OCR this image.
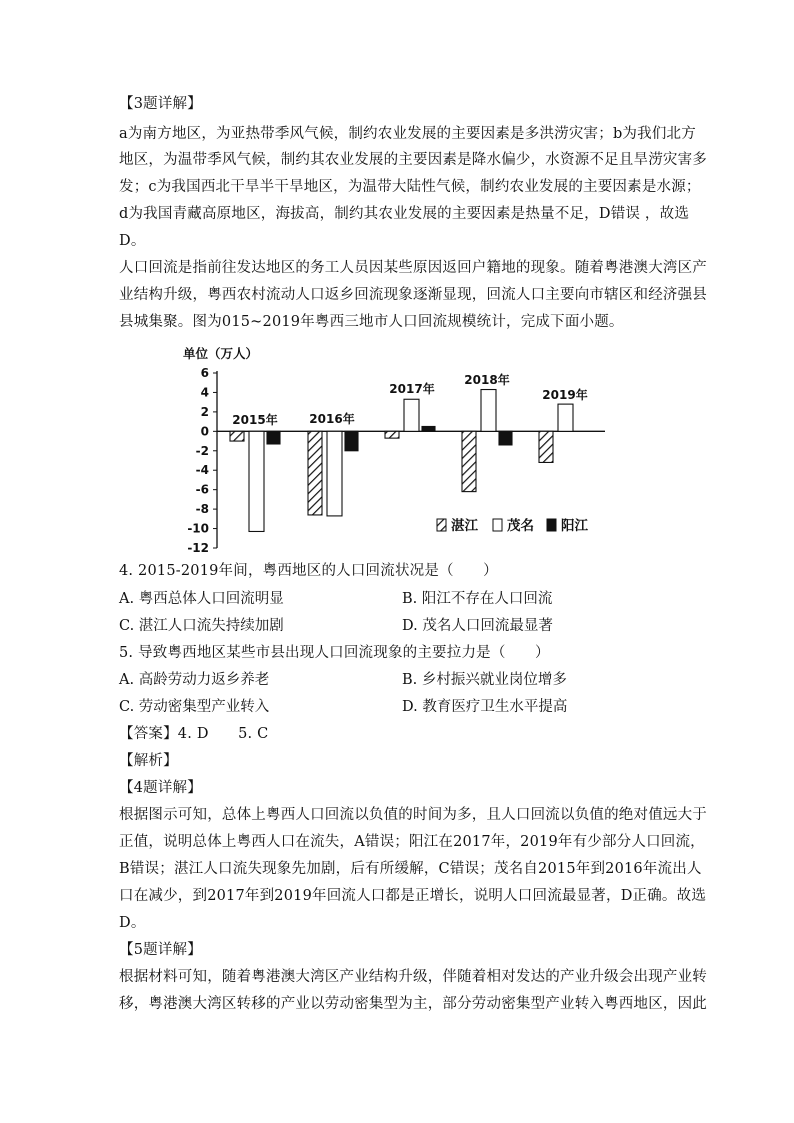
【3题详解】
a为南方地区，为亚热带季风气候，制约农业发展的主要因素是多洪涝灾害；b为我们北方
地区，为温带季风气候，制约其农业发展的主要因素是降水偏少，水资源不足且旱涝灾害多
发；c为我国西北干旱半干旱地区，为温带大陆性气候，制约农业发展的主要因素是水源；
d为我国青藏高原地区，海拔高，制约其农业发展的主要因素是热量不足，D错误 ，故选
D。
人口回流是指前往发达地区的务工人员因某些原因返回户籍地的现象。随着粤港澳大湾区产
业结构升级，粤西农村流动人口返乡回流现象逐渐显现，回流人口主要向市辖区和经济强县
县城集聚。图为015~2019年粤西三地市人口回流规模统计，完成下面小题。
单位（万人）
6
4
2
0
-2
-4
-6
-8
-10
-12
2015年	2016年
2017年
2018年
2019年
湛江 茂名 阳江
4. 2015-2019年间，粤西地区的人口回流状况是（　　）
A. 粤西总体人口回流明显	B. 阳江不存在人口回流
C. 湛江人口流失持续加剧	D. 茂名人口回流最显著
5. 导致粤西地区某些市县出现人口回流现象的主要拉力是（　　）
A. 高龄劳动力返乡养老	B. 乡村振兴就业岗位增多
C. 劳动密集型产业转入	D. 教育医疗卫生水平提高
【答案】4. D　　5. C
【解析】
【4题详解】
根据图示可知，总体上粤西人口回流以负值的时间为多，且人口回流以负值的绝对值远大于
正值，说明总体上粤西人口在流失，A错误；阳江在2017年，2019年有少部分人口回流，
B错误；湛江人口流失现象先加剧，后有所缓解，C错误；茂名自2015年到2016年流出人
口在减少，到2017年到2019年回流人口都是正增长，说明人口回流最显著，D正确。故选
D。
【5题详解】
根据材料可知，随着粤港澳大湾区产业结构升级，伴随着相对发达的产业升级会出现产业转
移，粤港澳大湾区转移的产业以劳动密集型为主，部分劳动密集型产业转入粤西地区，因此
